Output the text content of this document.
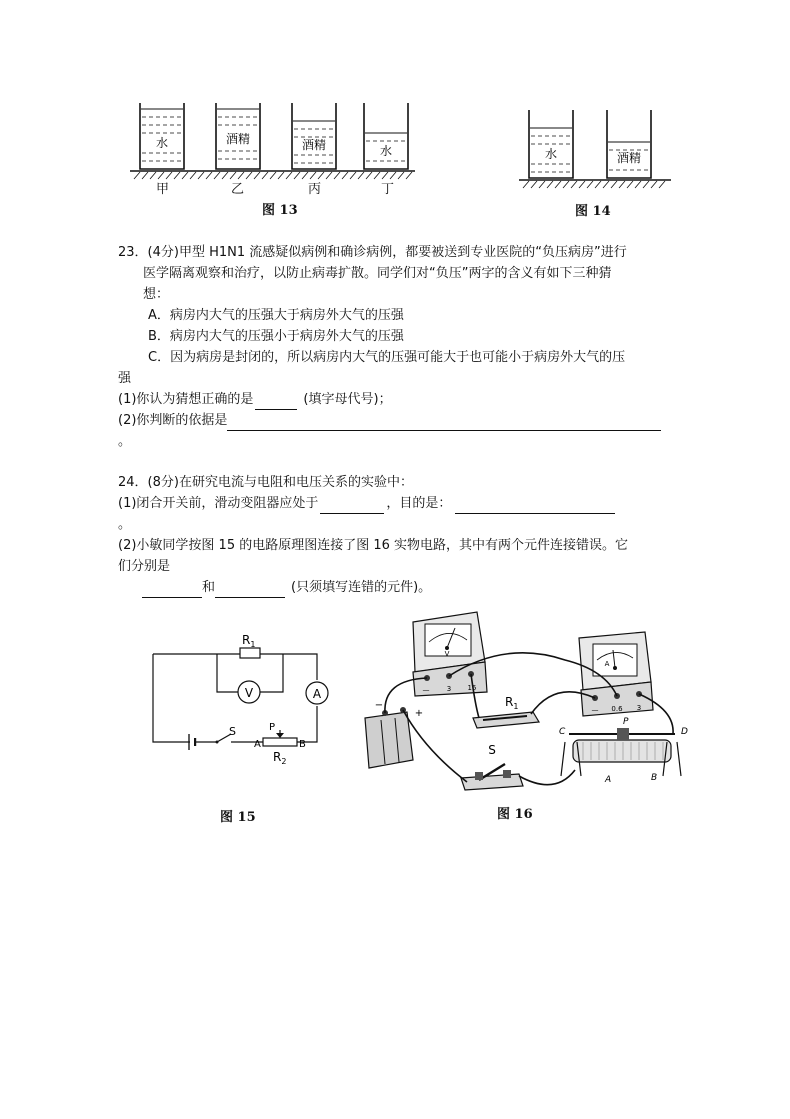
水	酒精	酒精	水
甲	乙	丙	丁
图 13
水	酒精
图 14
23．(4分)甲型 H1N1 流感疑似病例和确诊病例，都要被送到专业医院的“负压病房”进行
医学隔离观察和治疗，以防止病毒扩散。同学们对“负压”两字的含义有如下三种猜
想：
A．病房内大气的压强大于病房外大气的压强
B．病房内大气的压强小于病房外大气的压强
C．因为病房是封闭的，所以病房内大气的压强可能大于也可能小于病房外大气的压
强
(1)你认为猜想正确的是	(填字母代号)；
(2)你判断的依据是
。
24．(8分)在研究电流与电阻和电压关系的实验中：
(1)闭合开关前，滑动变阻器应处于	，目的是：
。
(2)小敏同学按图 15 的电路原理图连接了图 16 实物电路，其中有两个元件连接错误。它
们分别是
和	(只须填写连错的元件)。
V	A
$R_1$
S
A
P
B
$R_2$
图 15
V
— 3 15
A
— 0.6 3
−
+
$R_1$
S
C
P
D
A	B
图 16
